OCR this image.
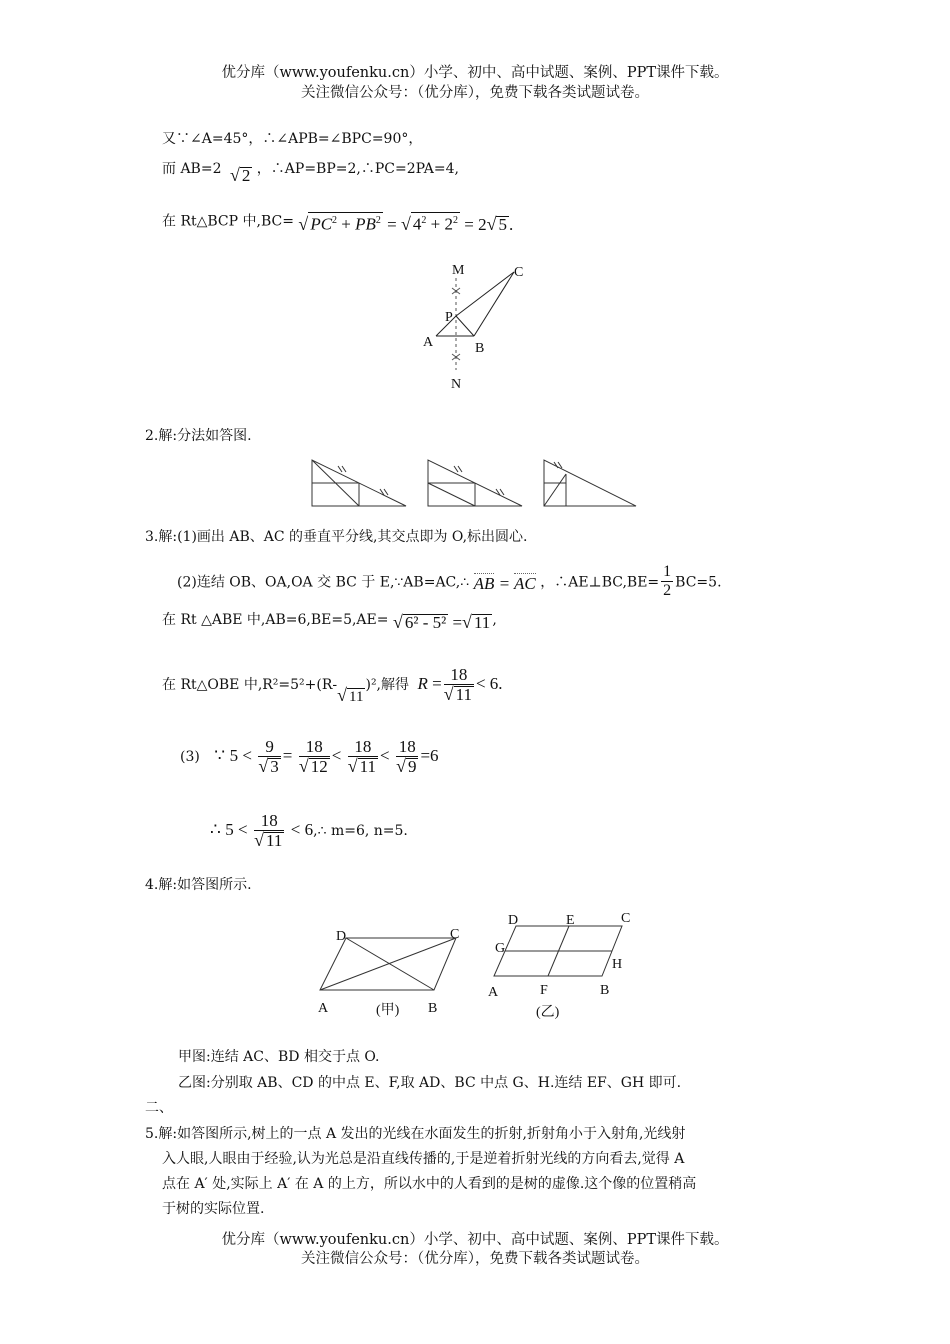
优分库（www.youfenku.cn）小学、初中、高中试题、案例、PPT课件下载。
关注微信公众号：（优分库），免费下载各类试题试卷。
又∵∠A=45°，∴∠APB=∠BPC=90°，
而 AB=2 √ 2 ，∴AP=BP=2,∴PC=2PA=4,
在 Rt△BCP 中,BC= √ $PC^2 + PB^2$ = √ $4^2 + 2^2 = 2√$ 5 .
M	C
P
A	B
N
2.解:分法如答图.
3.解:(1)画出 AB、AC 的垂直平分线,其交点即为 O,标出圆心.
(2)连结 OB、OA,OA 交 BC 于 E,∵AB=AC,∴ AB = AC ，∴AE⊥BC,BE= $\frac{1}{2} BC=5$.
在 Rt △ABE 中,AB=6,BE=5,AE= √ 6² - 5² =√ 11 ,
在 Rt△OBE 中,R²=5²+(R-√ 11)²,解得 $R = \frac{18}{√ 11} < 6$.
(3) ∵ $5 < \frac{9}{√ 3} = \frac{18}{√ 12} < \frac{18}{√ 11} < \frac{18}{√ 9} =6$
∴ $5 < \frac{18}{√ 11}$ < 6,∴ m=6, n=5.
4.解:如答图所示.
D	C
A	B
(甲)
D	E	C
G
H
A	F	B
(乙)
甲图:连结 AC、BD 相交于点 O.
乙图:分别取 AB、CD 的中点 E、F,取 AD、BC 中点 G、H.连结 EF、GH 即可.
二、
5.解:如答图所示,树上的一点 A 发出的光线在水面发生的折射,折射角小于入射角,光线射
入人眼,人眼由于经验,认为光总是沿直线传播的,于是逆着折射光线的方向看去,觉得 A
点在 A′ 处,实际上 A′ 在 A 的上方，所以水中的人看到的是树的虚像.这个像的位置稍高
于树的实际位置.
优分库（www.youfenku.cn）小学、初中、高中试题、案例、PPT课件下载。
关注微信公众号：（优分库），免费下载各类试题试卷。
